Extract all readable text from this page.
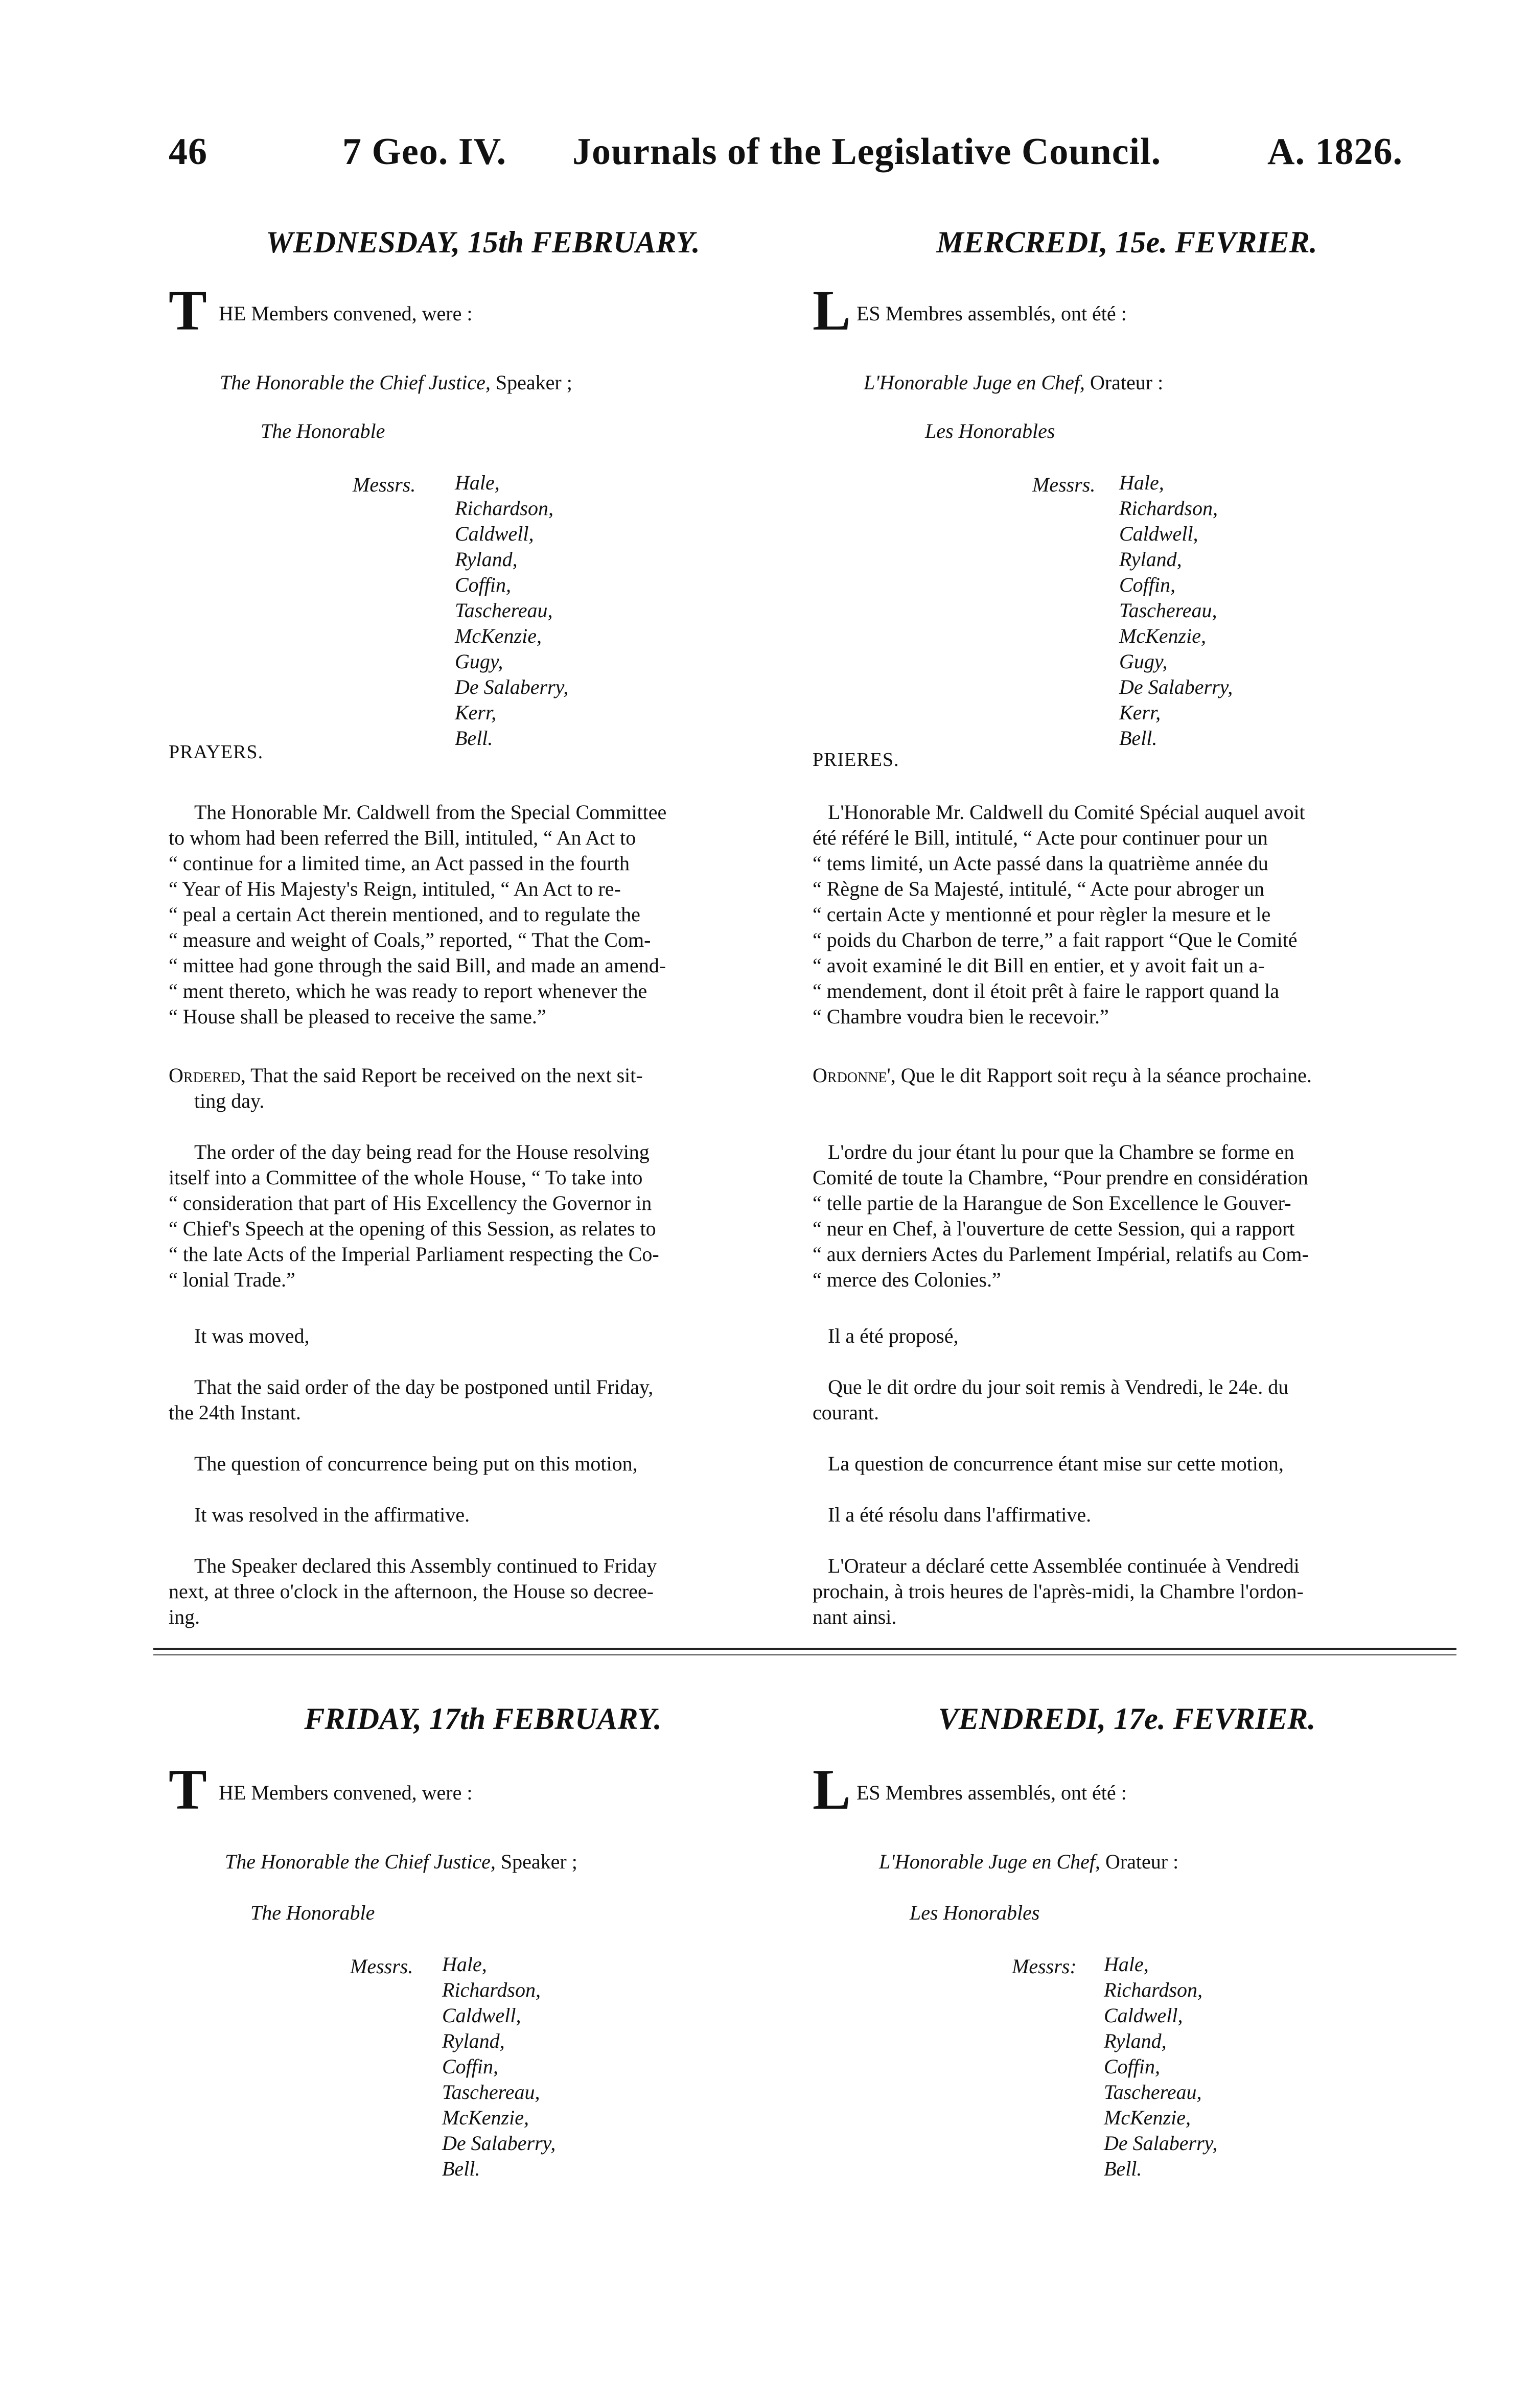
46	7 Geo. IV. Journals of the Legislative Council.	A. 1826.
WEDNESDAY, 15th FEBRUARY.
T HE Members convened, were :
The Honorable the Chief Justice, Speaker ;
The Honorable
Messrs. Hale,
Richardson,
Caldwell,
Ryland,
Coffin,
Taschereau,
McKenzie,
Gugy,
De Salaberry,
Kerr,
Bell.
PRAYERS.
The Honorable Mr. Caldwell from the Special Committee
to whom had been referred the Bill, intituled, “ An Act to
“ continue for a limited time, an Act passed in the fourth
“ Year of His Majesty's Reign, intituled, “ An Act to re-
“ peal a certain Act therein mentioned, and to regulate the
“ measure and weight of Coals,” reported, “ That the Com-
“ mittee had gone through the said Bill, and made an amend-
“ ment thereto, which he was ready to report whenever the
“ House shall be pleased to receive the same.”
Ordered, That the said Report be received on the next sit-
ting day.
The order of the day being read for the House resolving
itself into a Committee of the whole House, “ To take into
“ consideration that part of His Excellency the Governor in
“ Chief's Speech at the opening of this Session, as relates to
“ the late Acts of the Imperial Parliament respecting the Co-
“ lonial Trade.”
It was moved,
That the said order of the day be postponed until Friday,
the 24th Instant.
The question of concurrence being put on this motion,
It was resolved in the affirmative.
The Speaker declared this Assembly continued to Friday
next, at three o'clock in the afternoon, the House so decree-
ing.
MERCREDI, 15e. FEVRIER.
L ES Membres assemblés, ont été :
L'Honorable Juge en Chef, Orateur :
Les Honorables
Messrs. Hale,
Richardson,
Caldwell,
Ryland,
Coffin,
Taschereau,
McKenzie,
Gugy,
De Salaberry,
Kerr,
Bell.
PRIERES.
L'Honorable Mr. Caldwell du Comité Spécial auquel avoit
été référé le Bill, intitulé, “ Acte pour continuer pour un
“ tems limité, un Acte passé dans la quatrième année du
“ Règne de Sa Majesté, intitulé, “ Acte pour abroger un
“ certain Acte y mentionné et pour règler la mesure et le
“ poids du Charbon de terre,” a fait rapport “Que le Comité
“ avoit examiné le dit Bill en entier, et y avoit fait un a-
“ mendement, dont il étoit prêt à faire le rapport quand la
“ Chambre voudra bien le recevoir.”
Ordonne', Que le dit Rapport soit reçu à la séance prochaine.
L'ordre du jour étant lu pour que la Chambre se forme en
Comité de toute la Chambre, “Pour prendre en considération
“ telle partie de la Harangue de Son Excellence le Gouver-
“ neur en Chef, à l'ouverture de cette Session, qui a rapport
“ aux derniers Actes du Parlement Impérial, relatifs au Com-
“ merce des Colonies.”
Il a été proposé,
Que le dit ordre du jour soit remis à Vendredi, le 24e. du
courant.
La question de concurrence étant mise sur cette motion,
Il a été résolu dans l'affirmative.
L'Orateur a déclaré cette Assemblée continuée à Vendredi
prochain, à trois heures de l'après-midi, la Chambre l'ordon-
nant ainsi.
FRIDAY, 17th FEBRUARY.
T HE Members convened, were :
The Honorable the Chief Justice, Speaker ;
The Honorable
Messrs. Hale,
Richardson,
Caldwell,
Ryland,
Coffin,
Taschereau,
McKenzie,
De Salaberry,
Bell.
VENDREDI, 17e. FEVRIER.
L ES Membres assemblés, ont été :
L'Honorable Juge en Chef, Orateur :
Les Honorables
Messrs: Hale,
Richardson,
Caldwell,
Ryland,
Coffin,
Taschereau,
McKenzie,
De Salaberry,
Bell.
